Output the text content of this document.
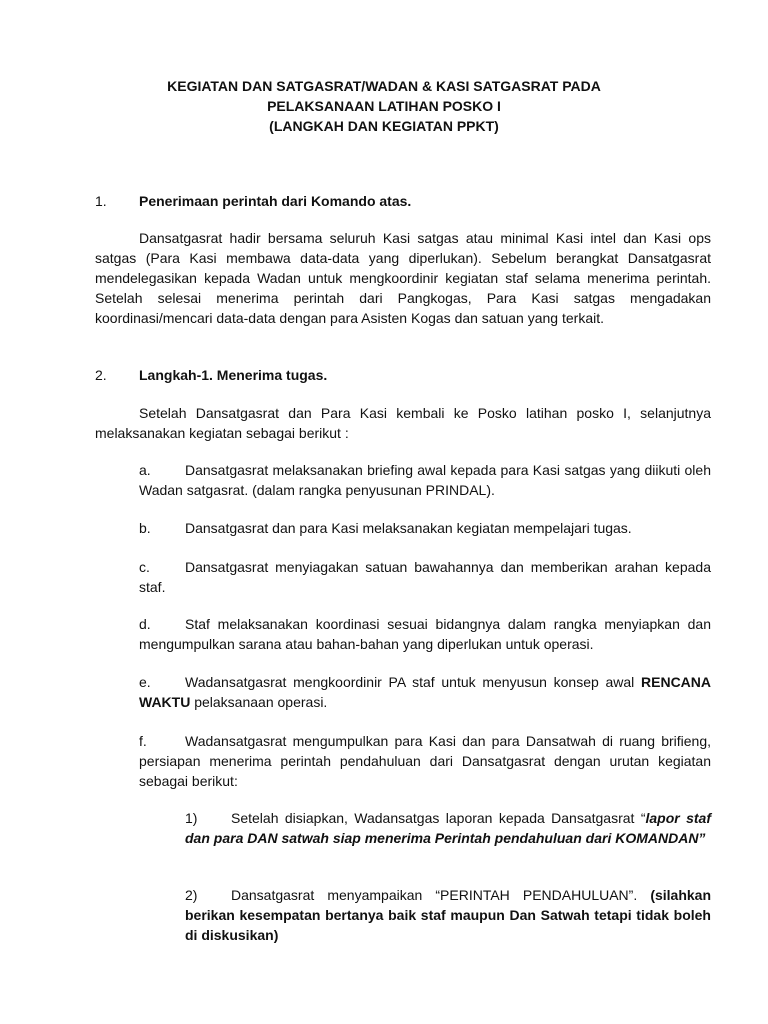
KEGIATAN DAN SATGASRAT/WADAN & KASI SATGASRAT PADA
PELAKSANAAN LATIHAN POSKO I
(LANGKAH DAN KEGIATAN PPKT)
1. Penerimaan perintah dari Komando atas.
Dansatgasrat hadir bersama seluruh Kasi satgas atau minimal Kasi intel dan Kasi ops satgas (Para Kasi membawa data-data yang diperlukan). Sebelum berangkat Dansatgasrat mendelegasikan kepada Wadan untuk mengkoordinir kegiatan staf selama menerima perintah. Setelah selesai menerima perintah dari Pangkogas, Para Kasi satgas mengadakan koordinasi/mencari data-data dengan para Asisten Kogas dan satuan yang terkait.
2. Langkah-1. Menerima tugas.
Setelah Dansatgasrat dan Para Kasi kembali ke Posko latihan posko I, selanjutnya melaksanakan kegiatan sebagai berikut :
a. Dansatgasrat melaksanakan briefing awal kepada para Kasi satgas yang diikuti oleh Wadan satgasrat. (dalam rangka penyusunan PRINDAL).
b. Dansatgasrat dan para Kasi melaksanakan kegiatan mempelajari tugas.
c.	Dansatgasrat menyiagakan satuan bawahannya dan memberikan arahan kepada staf.
d. Staf melaksanakan koordinasi sesuai bidangnya dalam rangka menyiapkan dan mengumpulkan sarana atau bahan-bahan yang diperlukan untuk operasi.
e. Wadansatgasrat mengkoordinir PA staf untuk menyusun konsep awal RENCANA WAKTU pelaksanaan operasi.
f.	Wadansatgasrat mengumpulkan para Kasi dan para Dansatwah di ruang brifieng, persiapan menerima perintah pendahuluan dari Dansatgasrat dengan urutan kegiatan sebagai berikut:
1) Setelah disiapkan, Wadansatgas laporan kepada Dansatgasrat “lapor staf dan para DAN satwah siap menerima Perintah pendahuluan dari KOMANDAN”
2) Dansatgasrat menyampaikan “PERINTAH PENDAHULUAN”. (silahkan berikan kesempatan bertanya baik staf maupun Dan Satwah tetapi tidak boleh di diskusikan)
